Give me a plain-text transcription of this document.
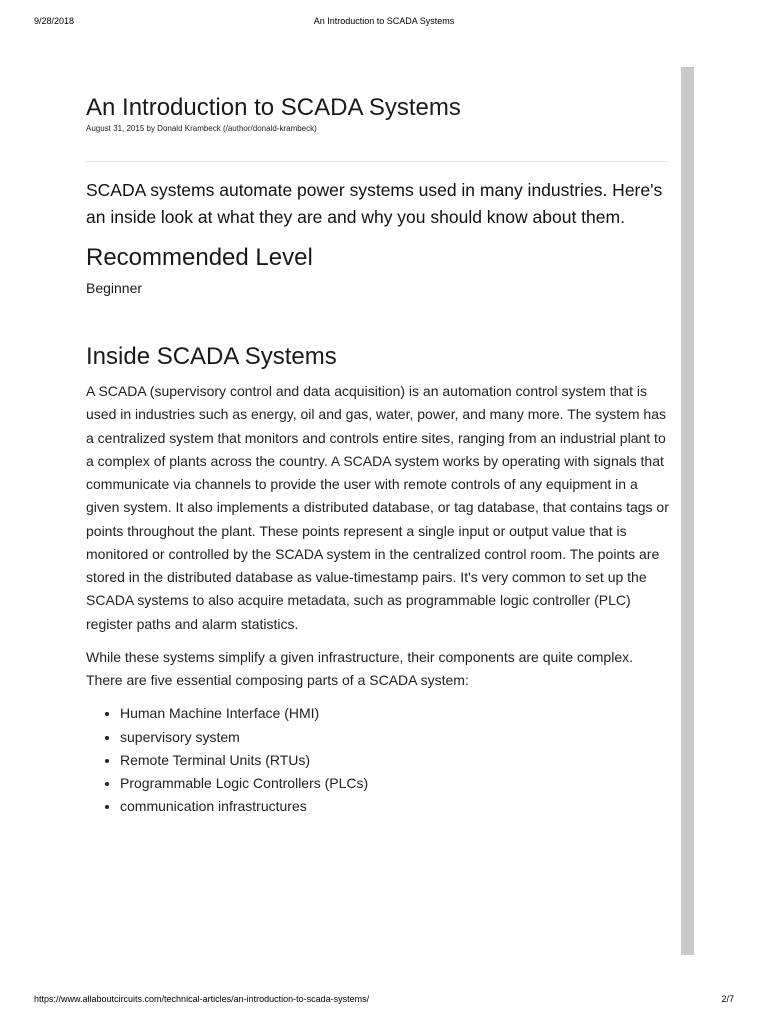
9/28/2018	An Introduction to SCADA Systems
An Introduction to SCADA Systems
August 31, 2015 by Donald Krambeck (/author/donald-krambeck)

SCADA systems automate power systems used in many industries. Here's an inside look at what they are and why you should know about them.

Recommended Level
Beginner
Inside SCADA Systems

A SCADA (supervisory control and data acquisition) is an automation control system that is used in industries such as energy, oil and gas, water, power, and many more. The system has a centralized system that monitors and controls entire sites, ranging from an industrial plant to a complex of plants across the country. A SCADA system works by operating with signals that communicate via channels to provide the user with remote controls of any equipment in a given system. It also implements a distributed database, or tag database, that contains tags or points throughout the plant. These points represent a single input or output value that is monitored or controlled by the SCADA system in the centralized control room. The points are stored in the distributed database as value-timestamp pairs. It's very common to set up the SCADA systems to also acquire metadata, such as programmable logic controller (PLC) register paths and alarm statistics.

While these systems simplify a given infrastructure, their components are quite complex. There are five essential composing parts of a SCADA system:

• Human Machine Interface (HMI)
• supervisory system
• Remote Terminal Units (RTUs)
• Programmable Logic Controllers (PLCs)
• communication infrastructures
https://www.allaboutcircuits.com/technical-articles/an-introduction-to-scada-systems/	2/7
